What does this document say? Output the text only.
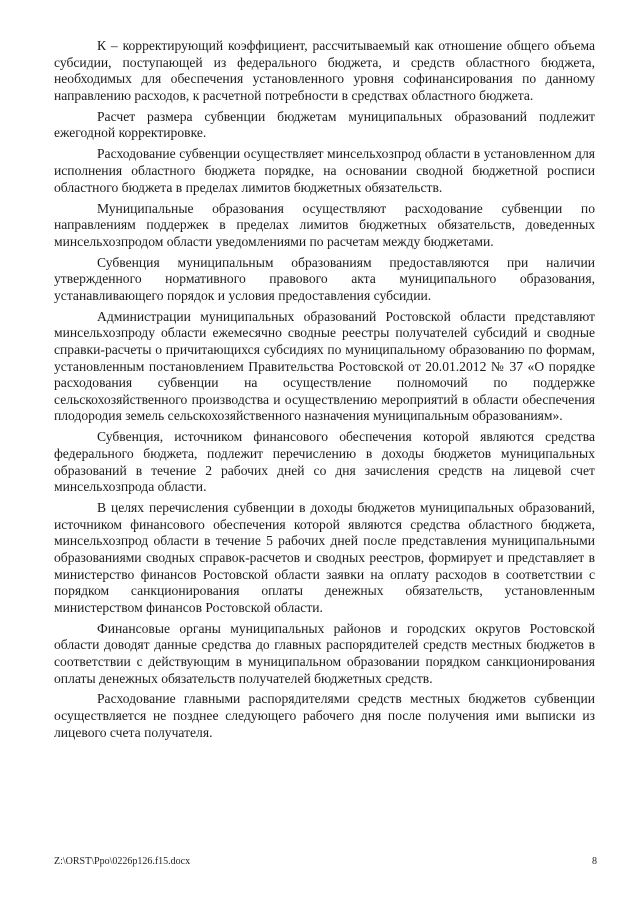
К – корректирующий коэффициент, рассчитываемый как отношение общего объема субсидии, поступающей из федерального бюджета, и средств областного бюджета, необходимых для обеспечения установленного уровня софинансирования по данному направлению расходов, к расчетной потребности в средствах областного бюджета.

Расчет размера субвенции бюджетам муниципальных образований подлежит ежегодной корректировке.

Расходование субвенции осуществляет минсельхозпрод области в установленном для исполнения областного бюджета порядке, на основании сводной бюджетной росписи областного бюджета в пределах лимитов бюджетных обязательств.

Муниципальные образования осуществляют расходование субвенции по направлениям поддержек в пределах лимитов бюджетных обязательств, доведенных минсельхозпродом области уведомлениями по расчетам между бюджетами.

Субвенция муниципальным образованиям предоставляются при наличии утвержденного нормативного правового акта муниципального образования, устанавливающего порядок и условия предоставления субсидии.

Администрации муниципальных образований Ростовской области представляют минсельхозпроду области ежемесячно сводные реестры получателей субсидий и сводные справки-расчеты о причитающихся субсидиях по муниципальному образованию по формам, установленным постановлением Правительства Ростовской от 20.01.2012 № 37 «О порядке расходования субвенции на осуществление полномочий по поддержке сельскохозяйственного производства и осуществлению мероприятий в области обеспечения плодородия земель сельскохозяйственного назначения муниципальным образованиям».

Субвенция, источником финансового обеспечения которой являются средства федерального бюджета, подлежит перечислению в доходы бюджетов муниципальных образований в течение 2 рабочих дней со дня зачисления средств на лицевой счет минсельхозпрода области.

В целях перечисления субвенции в доходы бюджетов муниципальных образований, источником финансового обеспечения которой являются средства областного бюджета, минсельхозпрод области в течение 5 рабочих дней после представления муниципальными образованиями сводных справок-расчетов и сводных реестров, формирует и представляет в министерство финансов Ростовской области заявки на оплату расходов в соответствии с порядком санкционирования оплаты денежных обязательств, установленным министерством финансов Ростовской области.

Финансовые органы муниципальных районов и городских округов Ростовской области доводят данные средства до главных распорядителей средств местных бюджетов в соответствии с действующим в муниципальном образовании порядком санкционирования оплаты денежных обязательств получателей бюджетных средств.

Расходование главными распорядителями средств местных бюджетов субвенции осуществляется не позднее следующего рабочего дня после получения ими выписки из лицевого счета получателя.

Z:\ORST\Ppo\0226p126.f15.docx	8
